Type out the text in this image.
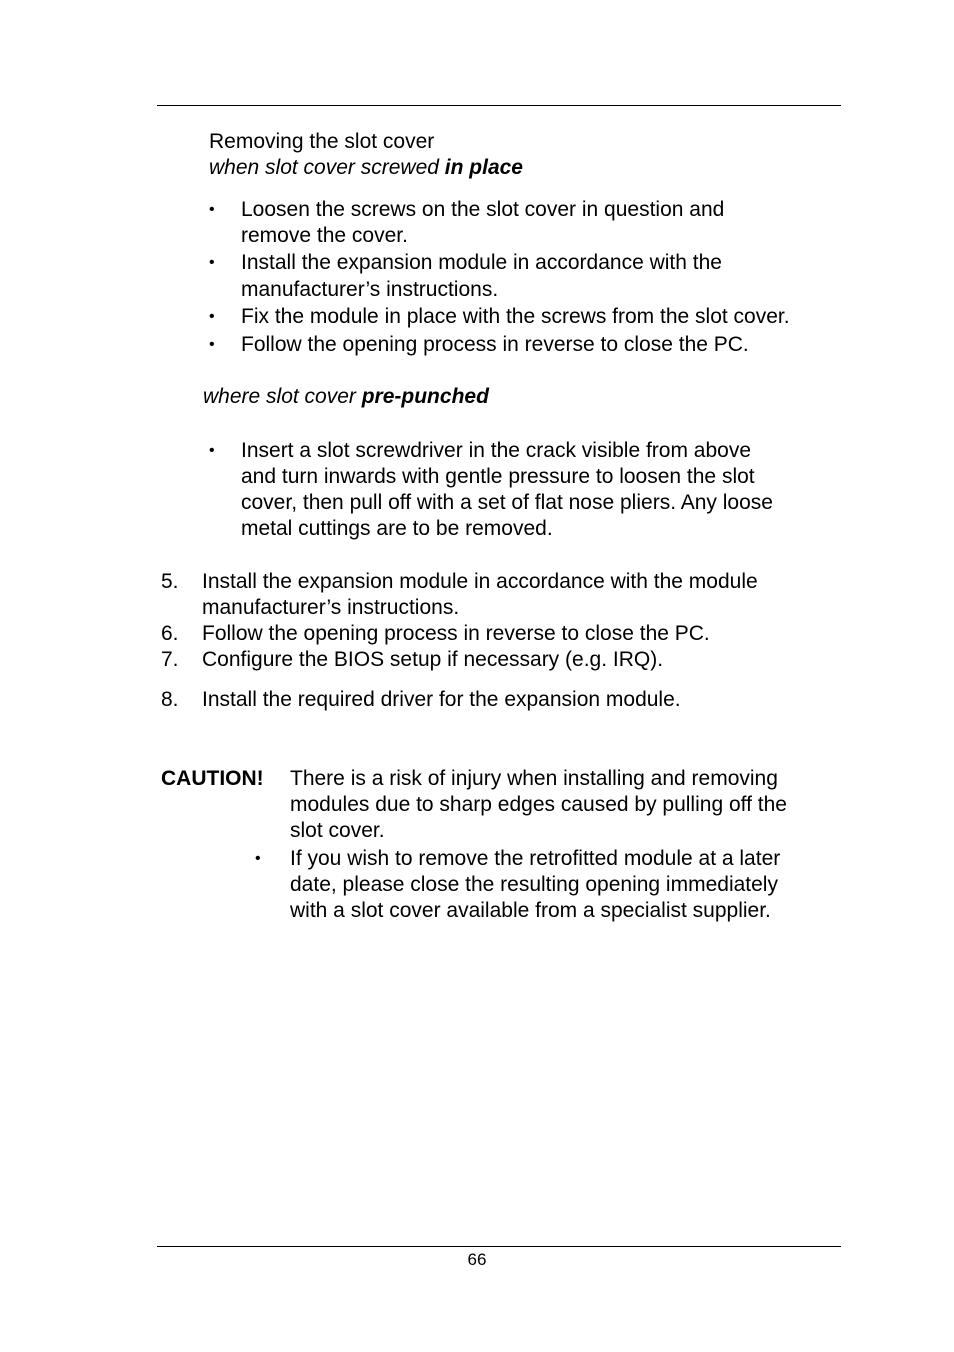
Removing the slot cover
when slot cover screwed in place
• Loosen the screws on the slot cover in question and
remove the cover.
• Install the expansion module in accordance with the
manufacturer’s instructions.
• Fix the module in place with the screws from the slot cover.
• Follow the opening process in reverse to close the PC.
where slot cover pre-punched
• Insert a slot screwdriver in the crack visible from above
and turn inwards with gentle pressure to loosen the slot
cover, then pull off with a set of flat nose pliers. Any loose
metal cuttings are to be removed.
5. Install the expansion module in accordance with the module
manufacturer’s instructions.
6. Follow the opening process in reverse to close the PC.
7. Configure the BIOS setup if necessary (e.g. IRQ).
8. Install the required driver for the expansion module.
CAUTION! There is a risk of injury when installing and removing
modules due to sharp edges caused by pulling off the
slot cover.
• If you wish to remove the retrofitted module at a later
date, please close the resulting opening immediately
with a slot cover available from a specialist supplier.
66
